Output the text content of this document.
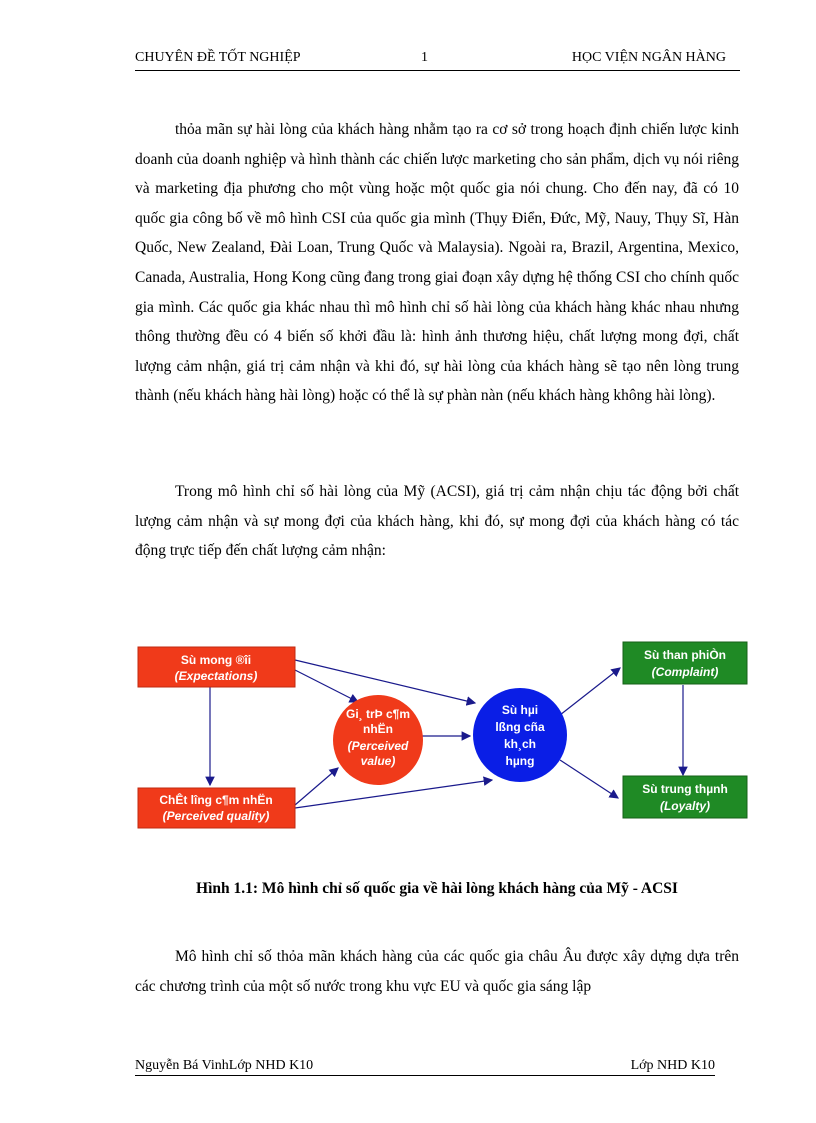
CHUYÊN ĐỀ TỐT NGHIỆP	1	HỌC VIỆN NGÂN HÀNG

thỏa mãn sự hài lòng của khách hàng nhằm tạo ra cơ sở trong hoạch định chiến lược kinh doanh của doanh nghiệp và hình thành các chiến lược marketing cho sản phẩm, dịch vụ nói riêng và marketing địa phương cho một vùng hoặc một quốc gia nói chung. Cho đến nay, đã có 10 quốc gia công bố về mô hình CSI của quốc gia mình (Thụy Điển, Đức, Mỹ, Nauy, Thụy Sĩ, Hàn Quốc, New Zealand, Đài Loan, Trung Quốc và Malaysia). Ngoài ra, Brazil, Argentina, Mexico, Canada, Australia, Hong Kong cũng đang trong giai đoạn xây dựng hệ thống CSI cho chính quốc gia mình. Các quốc gia khác nhau thì mô hình chỉ số hài lòng của khách hàng khác nhau nhưng thông thường đều có 4 biến số khởi đầu là: hình ảnh thương hiệu, chất lượng mong đợi, chất lượng cảm nhận, giá trị cảm nhận và khi đó, sự hài lòng của khách hàng sẽ tạo nên lòng trung thành (nếu khách hàng hài lòng) hoặc có thể là sự phàn nàn (nếu khách hàng không hài lòng).

Trong mô hình chỉ số hài lòng của Mỹ (ACSI), giá trị cảm nhận chịu tác động bởi chất lượng cảm nhận và sự mong đợi của khách hàng, khi đó, sự mong đợi của khách hàng có tác động trực tiếp đến chất lượng cảm nhận:

Sù mong ®îi
(Expectations)
ChÊt lîng c¶m nhËn
(Perceived quality)
Gi¸ trÞ c¶m
nhËn
(Perceived
value)
Sù hµi
lßng cña
kh¸ch
hµng
Sù than phiÒn
(Complaint)
Sù trung thµnh
(Loyalty)
Hình 1.1: Mô hình chỉ số quốc gia về hài lòng khách hàng của Mỹ - ACSI

Mô hình chỉ số thỏa mãn khách hàng của các quốc gia châu Âu được xây dựng dựa trên các chương trình của một số nước trong khu vực EU và quốc gia sáng lập

Nguyễn Bá VinhLớp NHD K10	Lớp NHD K10
